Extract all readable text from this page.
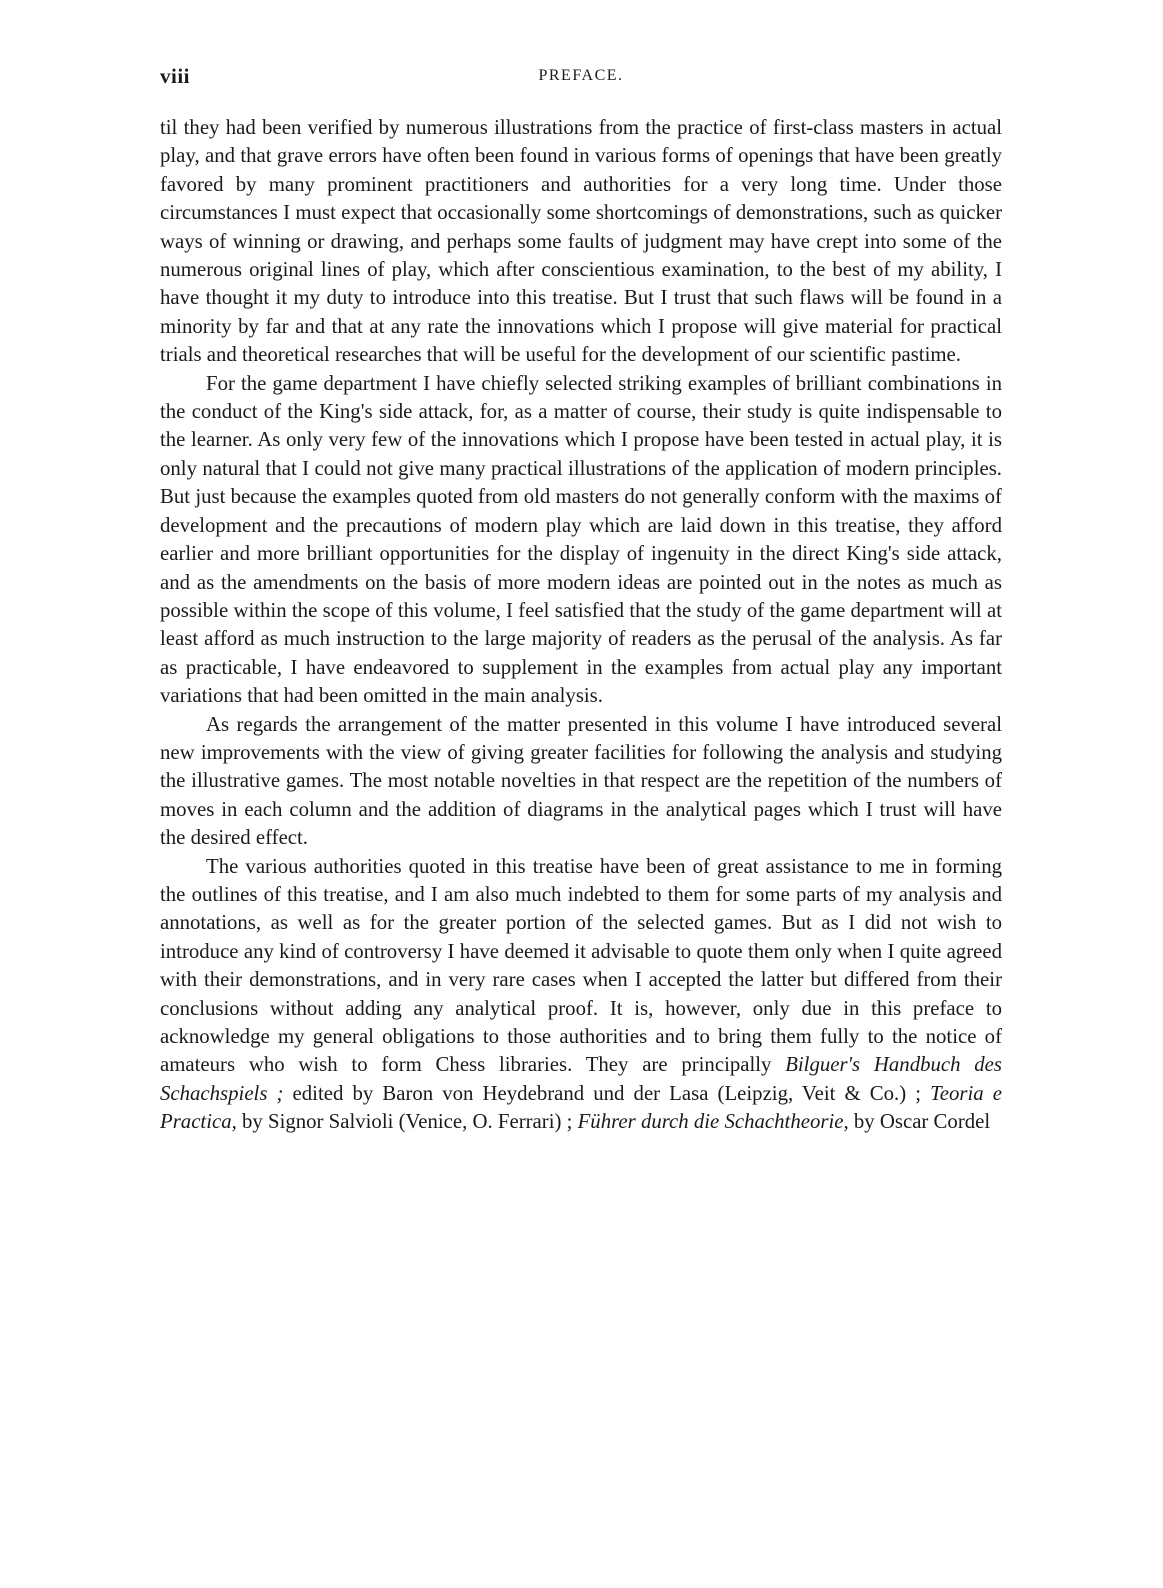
viii	PREFACE.

til they had been verified by numerous illustrations from the practice of first-class masters in actual play, and that grave errors have often been found in various forms of openings that have been greatly favored by many prominent practitioners and authorities for a very long time. Under those circumstances I must expect that occasionally some shortcomings of demonstrations, such as quicker ways of winning or drawing, and perhaps some faults of judgment may have crept into some of the numerous original lines of play, which after conscientious examination, to the best of my ability, I have thought it my duty to introduce into this treatise. But I trust that such flaws will be found in a minority by far and that at any rate the innovations which I propose will give material for practical trials and theoretical researches that will be useful for the development of our scientific pastime.

For the game department I have chiefly selected striking examples of brilliant combinations in the conduct of the King's side attack, for, as a matter of course, their study is quite indispensable to the learner. As only very few of the innovations which I propose have been tested in actual play, it is only natural that I could not give many practical illustrations of the application of modern principles. But just because the examples quoted from old masters do not generally conform with the maxims of development and the precautions of modern play which are laid down in this treatise, they afford earlier and more brilliant opportunities for the display of ingenuity in the direct King's side attack, and as the amendments on the basis of more modern ideas are pointed out in the notes as much as possible within the scope of this volume, I feel satisfied that the study of the game department will at least afford as much instruction to the large majority of readers as the perusal of the analysis. As far as practicable, I have endeavored to supplement in the examples from actual play any important variations that had been omitted in the main analysis.

As regards the arrangement of the matter presented in this volume I have introduced several new improvements with the view of giving greater facilities for following the analysis and studying the illustrative games. The most notable novelties in that respect are the repetition of the numbers of moves in each column and the addition of diagrams in the analytical pages which I trust will have the desired effect.

The various authorities quoted in this treatise have been of great assistance to me in forming the outlines of this treatise, and I am also much indebted to them for some parts of my analysis and annotations, as well as for the greater portion of the selected games. But as I did not wish to introduce any kind of controversy I have deemed it advisable to quote them only when I quite agreed with their demonstrations, and in very rare cases when I accepted the latter but differed from their conclusions without adding any analytical proof. It is, however, only due in this preface to acknowledge my general obligations to those authorities and to bring them fully to the notice of amateurs who wish to form Chess libraries. They are principally Bilguer's Handbuch des Schachspiels ; edited by Baron von Heydebrand und der Lasa (Leipzig, Veit & Co.) ; Teoria e Practica, by Signor Salvioli (Venice, O. Ferrari) ; Führer durch die Schachtheorie, by Oscar Cordel
